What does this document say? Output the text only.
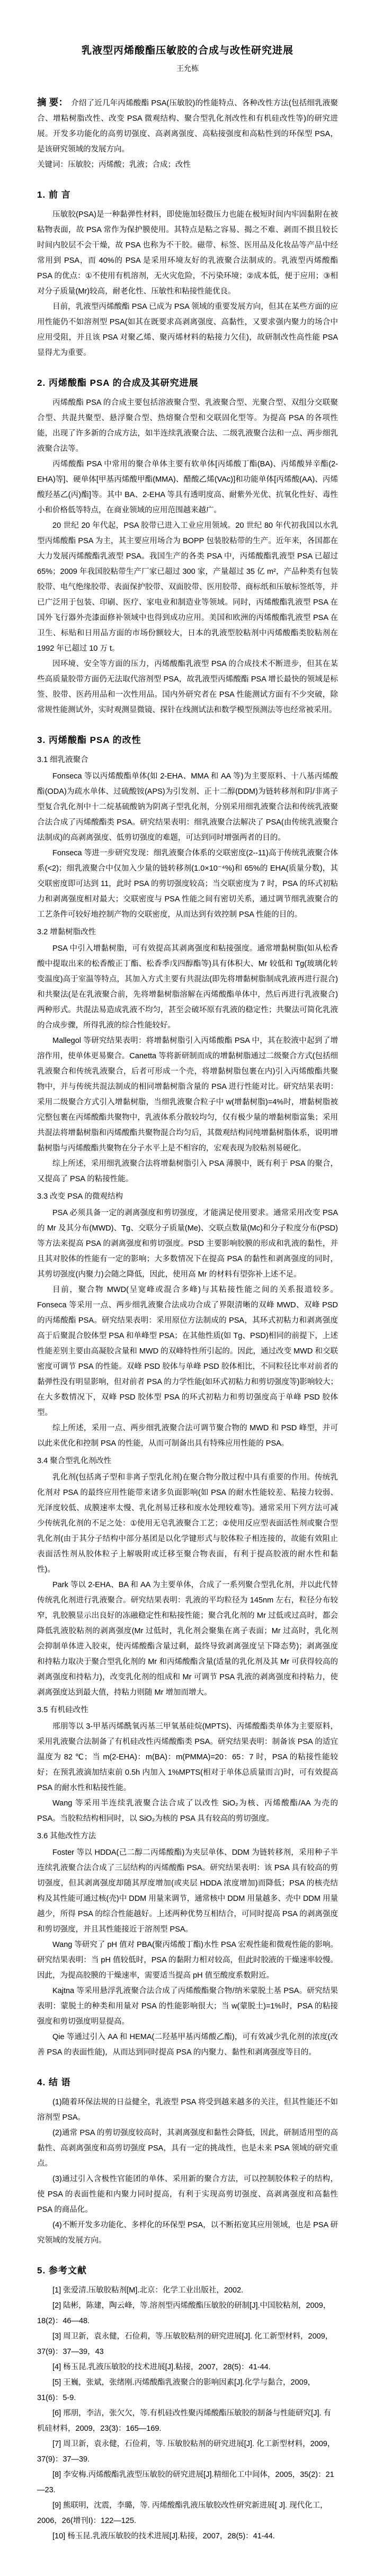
乳液型丙烯酸酯压敏胶的合成与改性研究进展
王允栋

摘 要： 介绍了近几年丙烯酸酯 PSA(压敏胶)的性能特点、各种改性方法(包括细乳液聚合、增粘树脂改性、改变 PSA 微观结构、聚合型乳化剂改性和有机硅改性等)的研究进展。开发多功能化的高剪切强度、高剥离强度、高粘接强度和高粘性到的环保型 PSA，是该研究领域的发展方向。

关键词：压敏胶；丙烯酸；乳液；合成；改性

1. 前 言

压敏胶(PSA)是一种黏弹性材料，即使施加轻微压力也能在极短时间内牢固黏附在被粘物表面，故 PSA 常作为保护膜使用。其特点是粘之容易、揭之不难、剥而不损且较长时间内胶层不会干燥，故 PSA 也称为不干胶。磁带、标签、医用品及化妆品等产品中经常用到 PSA，而 40%的 PSA 是采用环境友好的乳液聚合法制成的。乳液型丙烯酸酯 PSA 的优点：①不使用有机溶剂，无火灾危险，不污染环境；②成本低，便于应用；③相对分子质量(Mr)较高，耐老化性、压敏性和粘接性能优良。

目前，乳液型丙烯酸酯 PSA 已成为 PSA 领域的重要发展方向，但其在某些方面的应用性能仍不如溶剂型 PSA(如其在既要求高剥离强度、高黏性，又要求强内聚力的场合中应用受阻，并且该 PSA 对聚乙烯、聚丙烯材料的粘接力欠佳)，故研制改性高性能 PSA 显得尤为重要。

2. 丙烯酸酯 PSA 的合成及其研究进展

丙烯酸酯 PSA 的合成主要包括溶液聚合型、乳液聚合型、光聚合型、双组分交联聚合型、共混共聚型、悬浮聚合型、热熔聚合型和交联固化型等。为提高 PSA 的各项性能，出现了许多新的合成方法，如半连续乳液聚合法、二级乳液聚合法和一点、两步细乳液聚合法等。

丙烯酸酯 PSA 中常用的聚合单体主要有软单体[丙烯酸丁酯(BA)、丙烯酸异辛酯(2-EHA)等]、硬单体[甲基丙烯酸甲酯(MMA)、醋酸乙烯(VAc)]和功能单体[丙烯酸(AA)、丙烯酸羟基乙(丙)酯]等。其中 BA、2-EHA 等具有透明度高、耐紫外光优、抗氧化性好、毒性小和价格低等特点，在商业领域的应用范围越来越广。

20 世纪 20 年代起，PSA 胶带已进入工业应用领域。20 世纪 80 年代初我国以水乳型丙烯酸酯 PSA 为主，其主要应用场合为 BOPP 包装胶粘带的生产。近年来，各国都在大力发展丙烯酸酯乳液型 PSA。我国生产的各类 PSA 中，丙烯酸酯乳液型 PSA 已超过 65%；2009 年我国胶粘带生产厂家已超过 300 家，产量超过 35 亿 m²，产品种类有包装胶带、电气绝缘胶带、表面保护胶带、双面胶带、医用胶带、商标纸和压敏标签纸等，并已广泛用于包装、印刷、医疗、家电业和制造业等领域。同时，丙烯酸酯乳液型 PSA 在国外飞行器外壳漆面修补领域中也得到成功应用。美国和欧洲的丙烯酸酯乳液型 PSA 在卫生、标贴和日用品方面的市场份额较大，日本的乳液型胶粘剂中丙烯酸酯类胶粘剂在 1992 年已超过 10 万 t。

因环境、安全等方面的压力，丙烯酸酯乳液型 PSA 的合成技术不断进步，但其在某些高质量胶带方面仍无法取代溶剂型 PSA，故乳液型丙烯酸酯 PSA 增长最快的领域是标签、胶带、医药用品和一次性用品。国内外研究者在 PSA 性能测试方面有不少突破，除常规性能测试外，实时观测显微镜、探针在线测试法和数学模型预测法等也经常被采用。

3. 丙烯酸酯 PSA 的改性
3.1 细乳液聚合

Fonseca 等以丙烯酸酯单体(如 2-EHA、MMA 和 AA 等)为主要原料、十八基丙烯酸酯(ODA)为疏水单体、过硫酸铵(APS)为引发剂、正十二醇(DDM)为链转移剂和阴/非离子型复合乳化剂中十二烷基硫酸钠为阴离子型乳化剂，分别采用细乳液聚合法和传统乳液聚合法合成了丙烯酸酯类 PSA。研究结果表明：细乳液聚合法解决了 PSA(由传统乳液聚合法制成)的高剥离强度、低剪切强度的难题，可达到同时增强两者的目的。

Fonseca 等进一步研究发现：细乳液聚合体系的交联密度(2--11)高于传统乳液聚合体系(<2)；细乳液聚合中仅加入少量的链转移剂(1.0×10⁻⁴%)和 65%的 EHA(质量分数)，其交联密度即可达到 11，此时 PSA 的剪切强度较高；当交联密度为 7 时，PSA 的环式初粘力和剥离强度相对最大；交联密度与 PSA 性能之间有密切关系，通过调节细乳液聚合的工艺条件可较好地控制产物的交联密度，从而达到有效控制 PSA 性能的目的。

3.2 增黏树脂改性

PSA 中引入增黏树脂，可有效提高其剥离强度和粘接强度。通常增黏树脂(如从松香酸中提取出来的松香酸正丁酯、松香季戊四醇酯等)具有体积大、Mr 较低和 Tg(玻璃化转变温度)高于室温等特点，其加入方式主要有共混法(即先将增黏树脂制成乳液再进行混合)和共聚法(是在乳液聚合前，先将增黏树脂溶解在丙烯酸酯单体中，然后再进行乳液聚合)两种形式。共混法易造成乳液不均匀，甚至会破坏原有乳液的稳定性；共聚法可简化乳液的合成步骤，所得乳液的综合性能较好。

Mallegol 等研究结果表明：将增黏树脂引入丙烯酸酯 PSA 中，其在胶液中起到了增溶作用，使单体更易聚合。Canetta 等将新研制而成的增黏树脂通过二级聚合方式(包括细乳液聚合和传统乳液聚合，后者可形成一个壳，将增黏树脂包裹在内)引入丙烯酸酯共聚物中，并与传统共混法制成的相同增黏树脂含量的 PSA 进行性能对比。研究结果表明：采用二级聚合方式引入增黏树脂，当细乳液聚合粒子中 w(增黏树脂)=4%时，增黏树脂被完整包裹在丙烯酸酯共聚物中，乳液体系分散较均匀，仅有极少量的增黏树脂富集；采用共混法将增黏树脂和丙烯酸酯共聚物混合均匀后，其微观结构同纯增黏树脂体系，说明增黏树脂与丙烯酸酯共聚物在分子水平上是不相容的，宏观表现为胶粘剂易硬化。

综上所述，采用细乳液聚合法将增黏树脂引入 PSA 薄膜中，既有利于 PSA 的聚合，又提高了 PSA 的粘接性能。

3.3 改变 PSA 的微观结构

PSA 必须具备一定的剥离强度和剪切强度，才能满足使用要求。通常采用改变 PSA 的 Mr 及其分布(MWD)、Tg、交联分子质量(Me)、交联点数量(Mc)和分子粒度分布(PSD)等方法来提高 PSA 的剥离强度和剪切强度。PSD 主要影响胶膜的形成和乳液的黏性，并且其对胶体的性能有一定的影响；大多数情况下在提高 PSA 的黏性和剥离强度的同时，其剪切强度(内聚力)会随之降低，因此，使用高 Mr 的材料有望弥补上述不足。

目前，聚合物 MWD(呈宽峰或混合多峰)与其粘接性能之间的关系报道较多。Fonseca 等采用一点、两步细乳液聚合法成功合成了界限清晰的双峰 MWD、双峰 PSD 的丙烯酸酯 PSA。研究结果表明：采用原位方法制成的 PSA，其环式初粘力和剥离强度高于后聚混合胶体型 PSA 和单峰型 PSA；在其他性质(如 Tg、PSD)相同的前提下，上述性能差别主要由高凝胶含量和 MWD 的双峰特性所引起的。因此，通过改变 MWD 和交联密度可调节 PSA 的性能。双峰 PSD 胶体与单峰 PSD 胶体相比，不同粒径比率对前者的黏弹性没有明显影响，但对前者 PSA 的力学性能(如环式初粘力和剪切强度等)影响较大；在大多数情况下，双峰 PSD 胶体型 PSA 的环式初粘力和剪切强度高于单峰 PSD 胶体型。

综上所述，采用一点、两步细乳液聚合法可调节聚合物的 MWD 和 PSD 峰型，并可以此来优化和控制 PSA 的性能，从而可制备出具有特殊应用性能的 PSA。

3.4 聚合型乳化剂改性

乳化剂(包括离子型和非离子型乳化剂)在聚合物分散过程中具有重要的作用。传统乳化剂对 PSA 的最终应用性能带来诸多负面影响(如 PSA 的耐水性能较差、粘接力较弱、光泽度较低、成膜速率太慢、乳化剂易迁移和废水处理较难等)。通常采用下列方法可减少传统乳化剂的不足之处：①使用无皂乳液聚合工艺；②使用反应型表面活性剂或聚合型乳化剂(由于其分子结构中部分基团是以化学键形式与胶体粒子相连接的，故能有效阻止表面活性剂从胶体粒子上解吸附或迁移至聚合物表面，有利于提高胶液的耐水性和黏性)。

Park 等以 2-EHA、BA 和 AA 为主要单体，合成了一系列聚合型乳化剂，并以此代替传统乳化剂进行乳液聚合。研究结果表明：乳液的平均粒径为 145nm 左右，粒径分布较窄，乳胶膜显示出良好的冻融稳定性和粘接性能；聚合乳化剂的 Mr 过低或过高时，都会降低乳液胶粘剂的剥离强度(Mr 过低时，乳化剂会聚集在离子表面；Mr 过高时，乳化剂会抑制单体进入胶束，使丙烯酸酯含量过剩，最终导致剥离强度呈下降态势)；剥离强度和持粘力取决于聚合型乳化剂的 Mr 和丙烯酸酯含量(适量的乳化剂及其 Mr 可获得较高的剥离强度和持粘力)，改变乳化剂的组成和 Mr 可调节 PSA 乳液的剥离强度和持粘力，使剥离强度达到最大值，持粘力则随 Mr 增加而增大。

3.5 有机硅改性

邢朋等以 3-甲基丙烯酰氧丙基三甲氧基硅烷(MPTS)、丙烯酸酯类单体为主要原料，采用乳液聚合法制备了有机硅改性丙烯酸酯类 PSA。研究结果表明：制备该 PSA 的适宜温度为 82 ℃；当 m(2-EHA)：m(BA)：m(PMMA)=20：65：7 时，PSA 的粘接性能较好；在预乳液滴加结束前 0.5h 内加入 1%MPTS(相对于单体总质量而言)时，可有效提高 PSA 的耐水性和粘接性能。

Wang 等采用半连续乳液聚合法合成了以改性 SiO₂为核、丙烯酸酯/AA 为壳的 PSA。当胶粒结构相同时，以 SiO₂为核的 PSA 具有较高的剪切强度。

3.6 其他改性方法

Foster 等以 HDDA(己二醇二丙烯酸酯)为夹层单体、DDM 为链转移剂，采用种子半连续乳液聚合法合成了三层结构的丙烯酸酯 PSA。研究结果表明：该 PSA 具有较高的剪切强度，但其剥离强度却随其厚度增加(或夹层 HDDA 浓度增加)而降低；PSA 的核壳结构及其性能可通过核(壳)中 DDM 用量来调节，通常核中 DDM 用量越多、壳中 DDM 用量越少，所得 PSA 的综合性能越好。上述两种优势互相结合，可同时提高 PSA 的剥离强度和剪切强度，并且其性能接近于溶剂型 PSA。

Wang 等研究了 pH 值对 PBA(聚丙烯酸丁酯)水性 PSA 宏观性能和微观性能的影响。研究结果表明：当 pH 值较低时，PSA 的黏附力相对较高，但此时胶液的干燥速率较慢。因此，为提高胶膜的干燥速率，需要适当提高 pH 值至酸度系数附近。

Kajtna 等采用悬浮乳液聚合法合成了丙烯酸酯聚合物/纳米蒙脱土基 PSA。研究结果表明：蒙脱土的种类和用量对 PSA 的性能影响很大；当 w(蒙脱土)=1%时，PSA 的粘接强度和剪切强度明显提高。

Qie 等通过引入 AA 和 HEMA(二羟基甲基丙烯酸乙酯)，可有效减少乳化剂的浓度(改善 PSA 的表面性能)，从而达到同时提高 PSA 的内聚力、黏性和剥离强度等目的。

4. 结 语

(1)随着环保法规的日益健全，乳液型 PSA 将受到越来越多的关注，但其性能还不如溶剂型 PSA。

(2)通常 PSA 的剪切强度较高时，其剥离强度和黏性会降低，因此，研制适用型的高黏性、高剥离强度和高剪切强度 PSA，具有一定的挑战性，也是未来 PSA 领域的研究重点。

(3)通过引入含极性官能团的单体、采用新的聚合方法，可以控制胶体粒子的结构，使 PSA 的表面性能和内聚力同时提高，有利于实现高剪切强度、高剥离强度和高黏性 PSA 的商品化。

(4)不断开发多功能化、多样化的环保型 PSA，以不断拓宽其应用领域，也是 PSA 研究领域的发展方向。

5. 参考文献

[1] 张爱清.压敏胶粘剂[M].北京：化学工业出版社，2002.

[2] 陆彬，陈建，陶云峰，等.溶剂型丙烯酸酯压敏胶的研制[J].中国胶粘剂，2009，18(2)：46—48.

[3] 周卫新，袁永健，石俭莉，等.压敏胶粘剂的研究进展[J]. 化工新型材料，2009，37(9)：37—39，43

[4] 杨玉昆.乳液压敏胶的技术进展[J].粘接，2007，28(5)：41-44.

[5] 王巍，张斌，张绪刚.丙烯酸酯乳液聚合的影响因素[J].化学与黏合，2009，31(6)：5-9.

[6] 邢朋，李洁，张欠欠，等.有机硅改性聚丙烯酸酯压敏胶的制备与性能研究[J]. 有机硅材料，2009，23(3)：165—169.

[7] 周卫新，袁永健，石俭莉，等. 压敏胶粘剂的研究进展[J]. 化工新型材料，2009，37(9)：37—39.

[8] 李安梅.丙烯酸酯乳液型压敏胶的研究进展[J].精细化工中间体，2005，35(2)：21—23.

[9] 熊联明，沈震，李璐，等. 丙烯酸酯乳液压敏胶改性研究新进展[ J]. 现代化工，2006，26(增刊I)：122—125.

[10] 杨玉昆.乳液压敏胶的技术进展[J].粘接，2007，28(5)：41-44.
